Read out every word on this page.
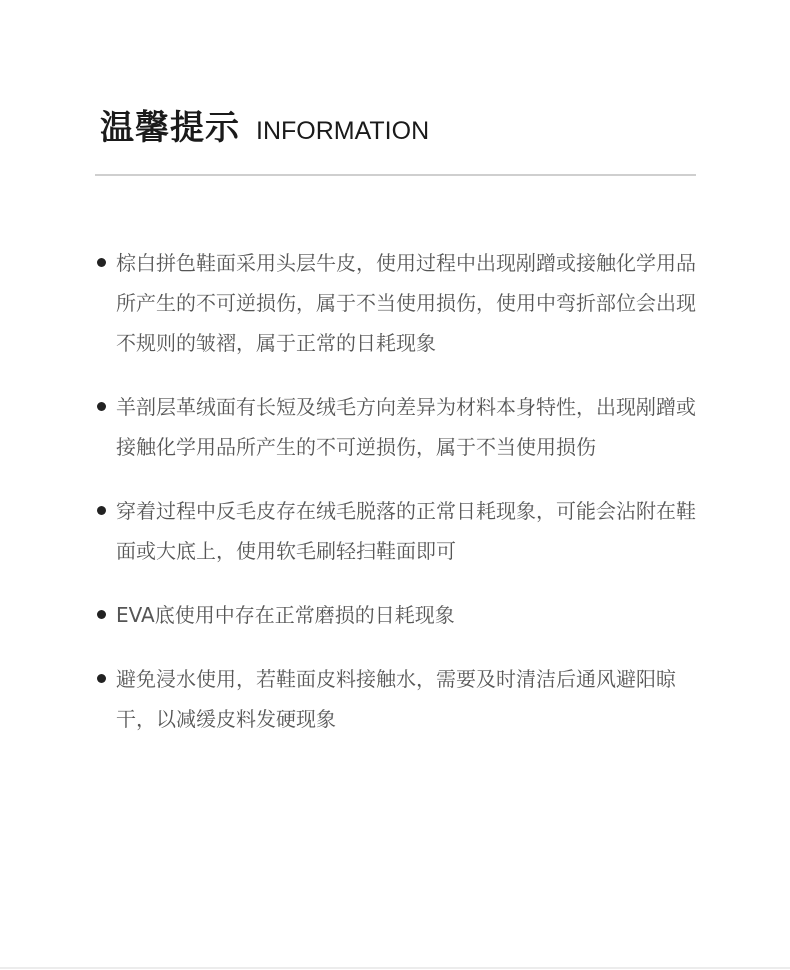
温馨提示 INFORMATION
棕白拼色鞋面采用头层牛皮，使用过程中出现剐蹭或接触化学用品所产生的不可逆损伤，属于不当使用损伤，使用中弯折部位会出现不规则的皱褶，属于正常的日耗现象
羊剖层革绒面有长短及绒毛方向差异为材料本身特性，出现剐蹭或接触化学用品所产生的不可逆损伤，属于不当使用损伤
穿着过程中反毛皮存在绒毛脱落的正常日耗现象，可能会沾附在鞋面或大底上，使用软毛刷轻扫鞋面即可
EVA底使用中存在正常磨损的日耗现象
避免浸水使用，若鞋面皮料接触水，需要及时清洁后通风避阳晾干，以减缓皮料发硬现象
